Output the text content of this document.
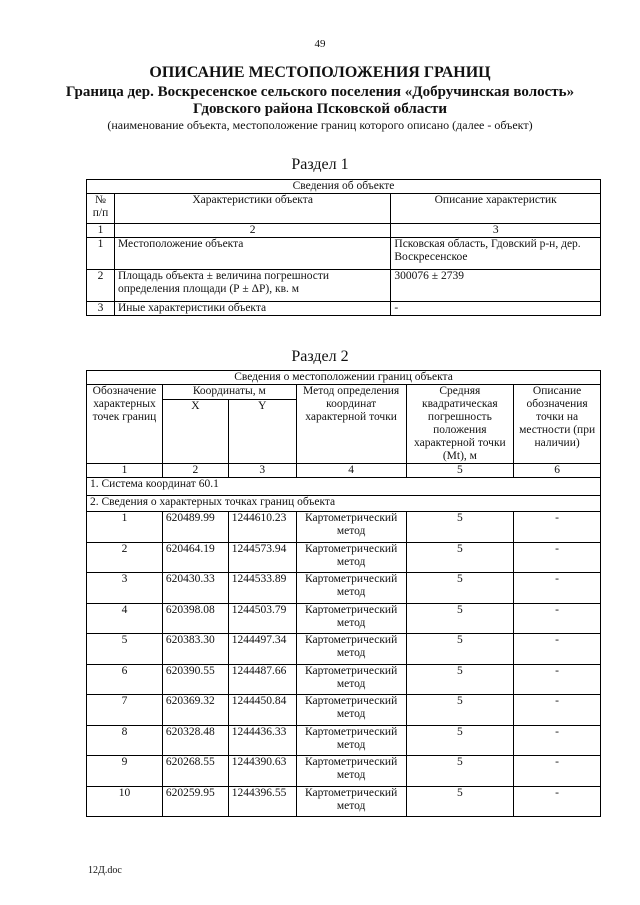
49
ОПИСАНИЕ МЕСТОПОЛОЖЕНИЯ ГРАНИЦ
Граница дер. Воскресенское сельского поселения «Добручинская волость»
Гдовского района Псковской области
(наименование объекта, местоположение границ которого описано (далее - объект)
Раздел 1
Сведения об объекте		
№ п/п	Характеристики объекта	Описание характеристик
1	2	3
1	Местоположение объекта	Псковская область, Гдовский р-н, дер. Воскресенское
2	Площадь объекта ± величина погрешности определения площади (Р ± ΔР), кв. м	300076 ± 2739
3	Иные характеристики объекта	-
Раздел 2
Сведения о местоположении границ объекта					
Обозначение характерных точек границ	Координаты, м		Метод определения координат характерной точки	Средняя квадратическая погрешность положения характерной точки (Mt), м	Описание обозначения точки на местности (при наличии)
	X	Y			
1	2	3	4	5	6
1. Система координат 60.1					
2. Сведения о характерных точках границ объекта					
1	620489.99	1244610.23	Картометрический метод	5	-
2	620464.19	1244573.94	Картометрический метод	5	-
3	620430.33	1244533.89	Картометрический метод	5	-
4	620398.08	1244503.79	Картометрический метод	5	-
5	620383.30	1244497.34	Картометрический метод	5	-
6	620390.55	1244487.66	Картометрический метод	5	-
7	620369.32	1244450.84	Картометрический метод	5	-
8	620328.48	1244436.33	Картометрический метод	5	-
9	620268.55	1244390.63	Картометрический метод	5	-
10	620259.95	1244396.55	Картометрический метод	5	-
12Д.doc
